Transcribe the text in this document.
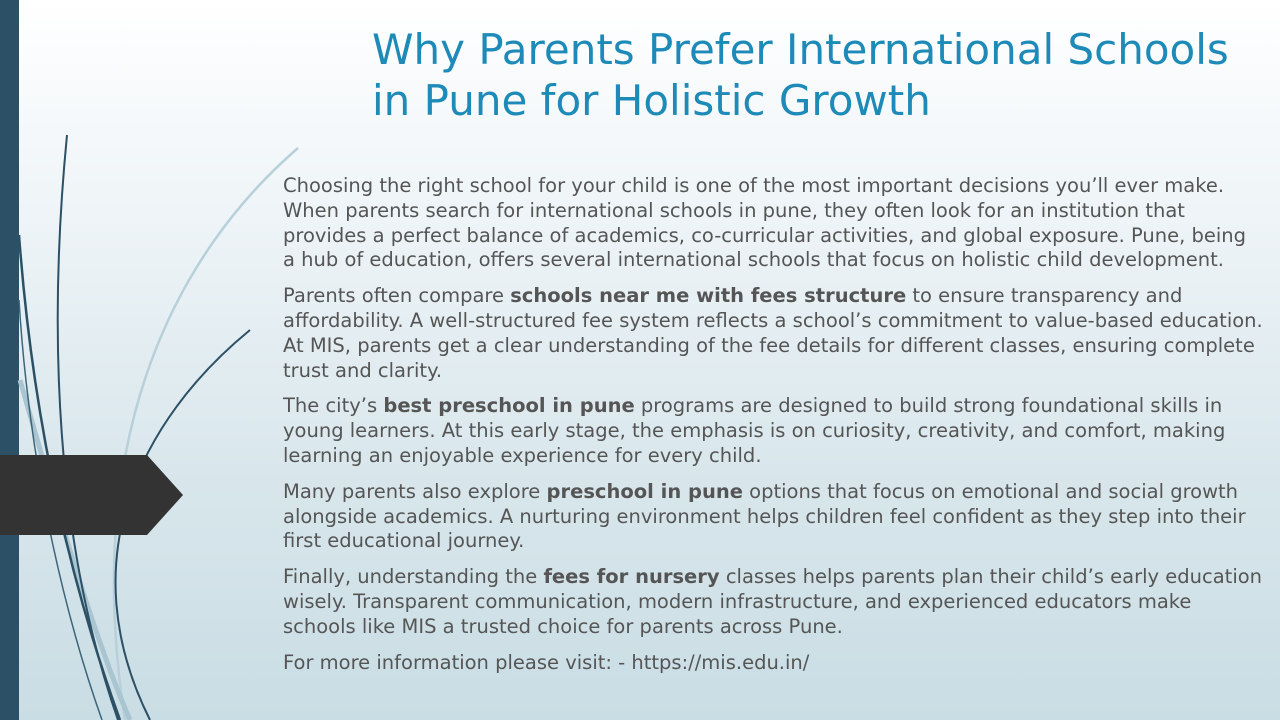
Why Parents Prefer International Schools in Pune for Holistic Growth

Choosing the right school for your child is one of the most important decisions you’ll ever make. When parents search for international schools in pune, they often look for an institution that provides a perfect balance of academics, co-curricular activities, and global exposure. Pune, being a hub of education, offers several international schools that focus on holistic child development.

Parents often compare schools near me with fees structure to ensure transparency and affordability. A well-structured fee system reflects a school’s commitment to value-based education. At MIS, parents get a clear understanding of the fee details for different classes, ensuring complete trust and clarity.

The city’s best preschool in pune programs are designed to build strong foundational skills in young learners. At this early stage, the emphasis is on curiosity, creativity, and comfort, making learning an enjoyable experience for every child.

Many parents also explore preschool in pune options that focus on emotional and social growth alongside academics. A nurturing environment helps children feel confident as they step into their first educational journey.

Finally, understanding the fees for nursery classes helps parents plan their child’s early education wisely. Transparent communication, modern infrastructure, and experienced educators make schools like MIS a trusted choice for parents across Pune.

For more information please visit: - https://mis.edu.in/
